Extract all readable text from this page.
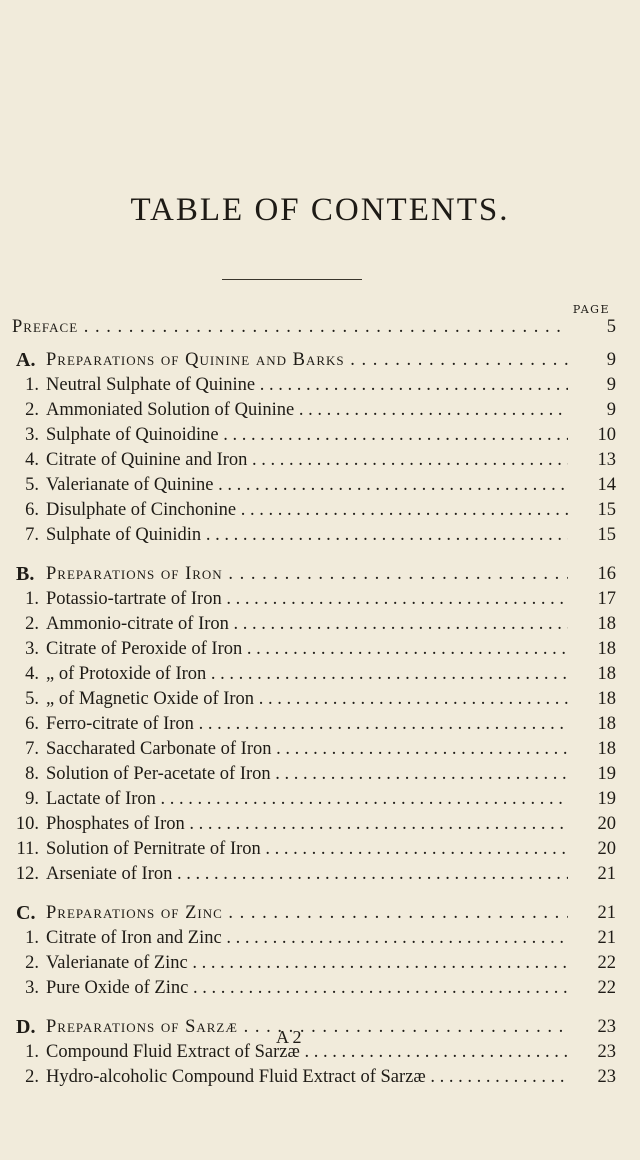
TABLE OF CONTENTS.
PAGE
Preface . . .	5
A. Preparations of Quinine and Barks . . .	9
1. Neutral Sulphate of Quinine . . .	9
2. Ammoniated Solution of Quinine . . .	9
3. Sulphate of Quinoidine . . .	10
4. Citrate of Quinine and Iron . . .	13
5. Valerianate of Quinine . . .	14
6. Disulphate of Cinchonine . . .	15
7. Sulphate of Quinidin . . .	15
B. Preparations of Iron . . .	16
1. Potassio-tartrate of Iron . . .	17
2. Ammonio-citrate of Iron . . .	18
3. Citrate of Peroxide of Iron . . .	18
4. „ of Protoxide of Iron . . .	18
5. „ of Magnetic Oxide of Iron . . .	18
6. Ferro-citrate of Iron . . .	18
7. Saccharated Carbonate of Iron . . .	18
8. Solution of Per-acetate of Iron . . .	19
9. Lactate of Iron . . .	19
10. Phosphates of Iron . . .	20
11. Solution of Pernitrate of Iron . . .	20
12. Arseniate of Iron . . .	21
C. Preparations of Zinc . . .	21
1. Citrate of Iron and Zinc . . .	21
2. Valerianate of Zinc . . .	22
3. Pure Oxide of Zinc . . .	22
D. Preparations of Sarzæ . . .	23
1. Compound Fluid Extract of Sarzæ . . .	23
2. Hydro-alcoholic Compound Fluid Extract of Sarzæ . . .	23
A 2
